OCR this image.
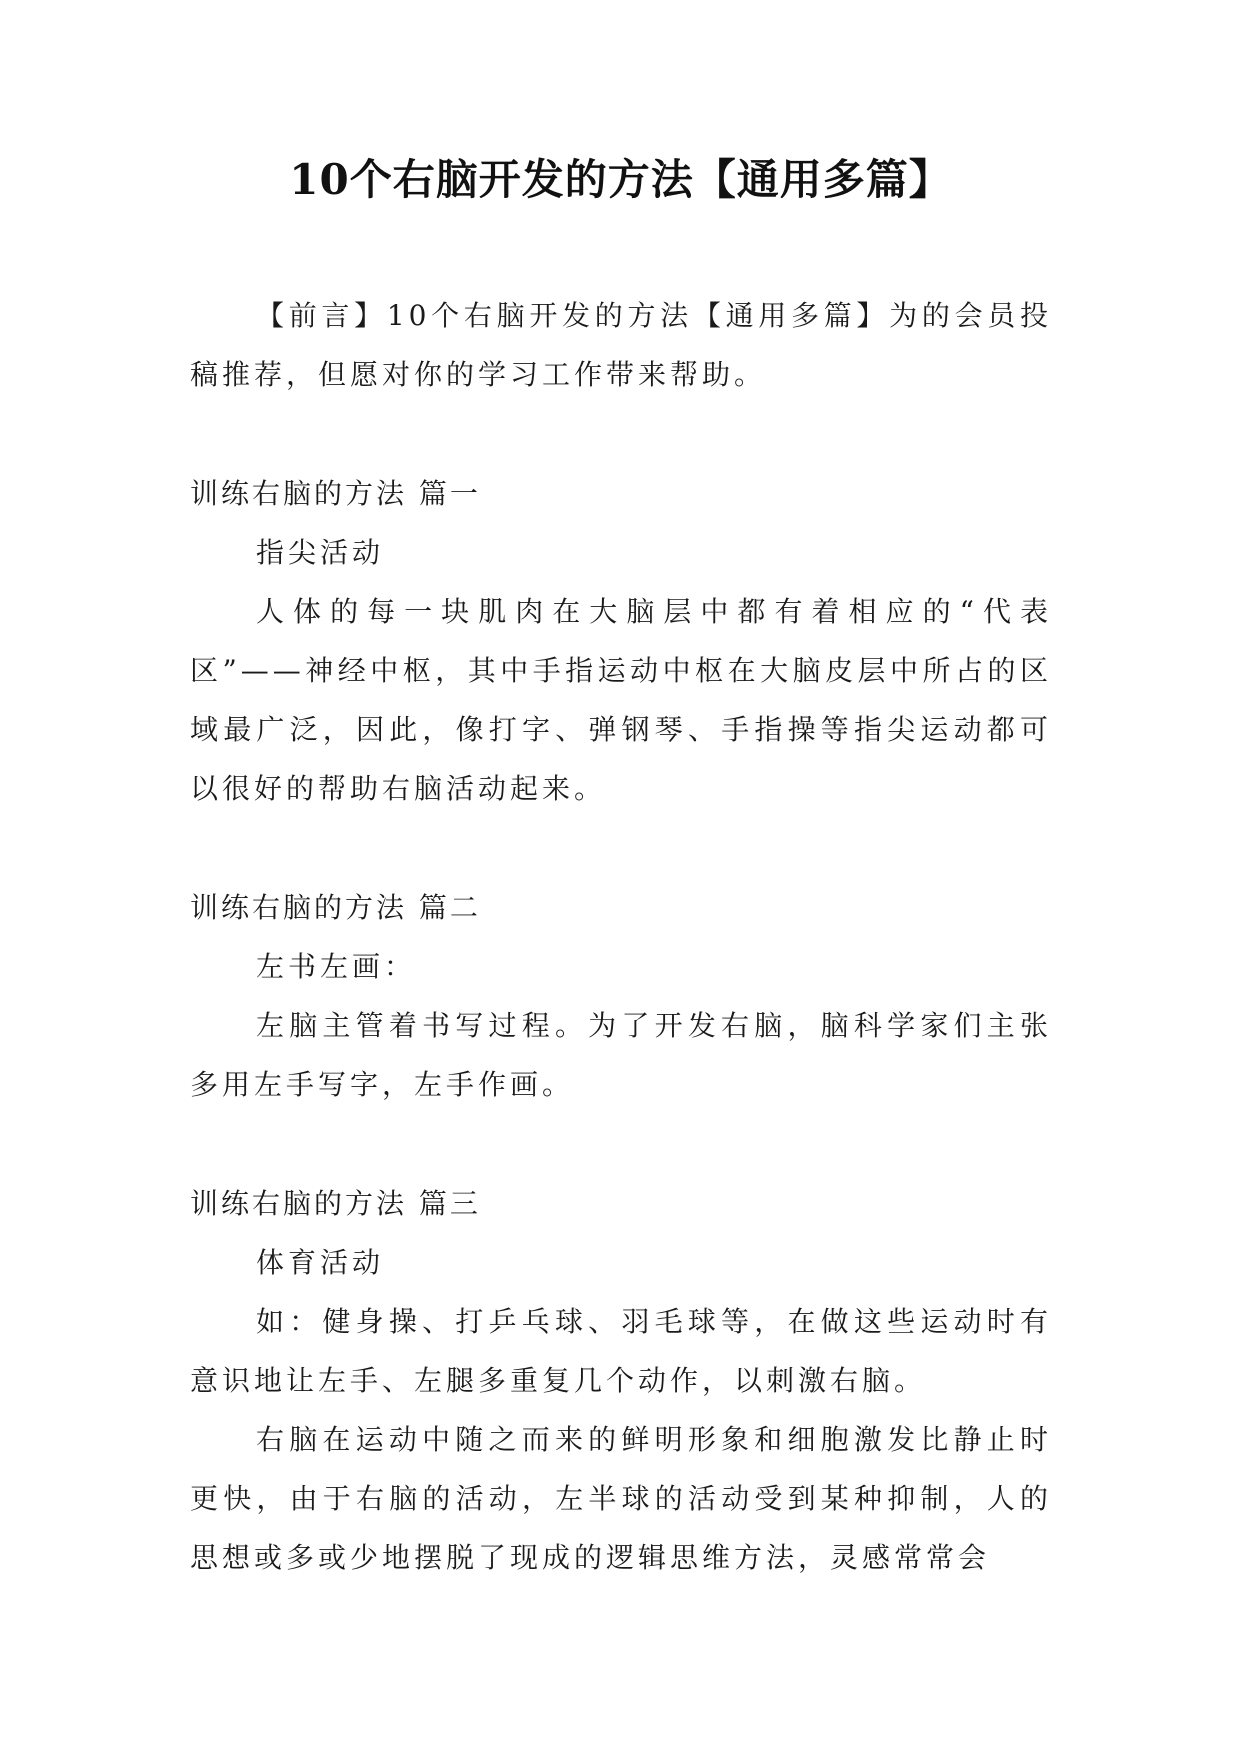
10个右脑开发的方法【通用多篇】

【前言】10个右脑开发的方法【通用多篇】为的会员投稿推荐，但愿对你的学习工作带来帮助。

训练右脑的方法 篇一

指尖活动

人体的每一块肌肉在大脑层中都有着相应的“代表区”——神经中枢，其中手指运动中枢在大脑皮层中所占的区域最广泛，因此，像打字、弹钢琴、手指操等指尖运动都可以很好的帮助右脑活动起来。

训练右脑的方法 篇二

左书左画：

左脑主管着书写过程。为了开发右脑，脑科学家们主张多用左手写字，左手作画。

训练右脑的方法 篇三

体育活动

如：健身操、打乒乓球、羽毛球等，在做这些运动时有意识地让左手、左腿多重复几个动作，以刺激右脑。

右脑在运动中随之而来的鲜明形象和细胞激发比静止时更快，由于右脑的活动，左半球的活动受到某种抑制，人的思想或多或少地摆脱了现成的逻辑思维方法，灵感常常会
